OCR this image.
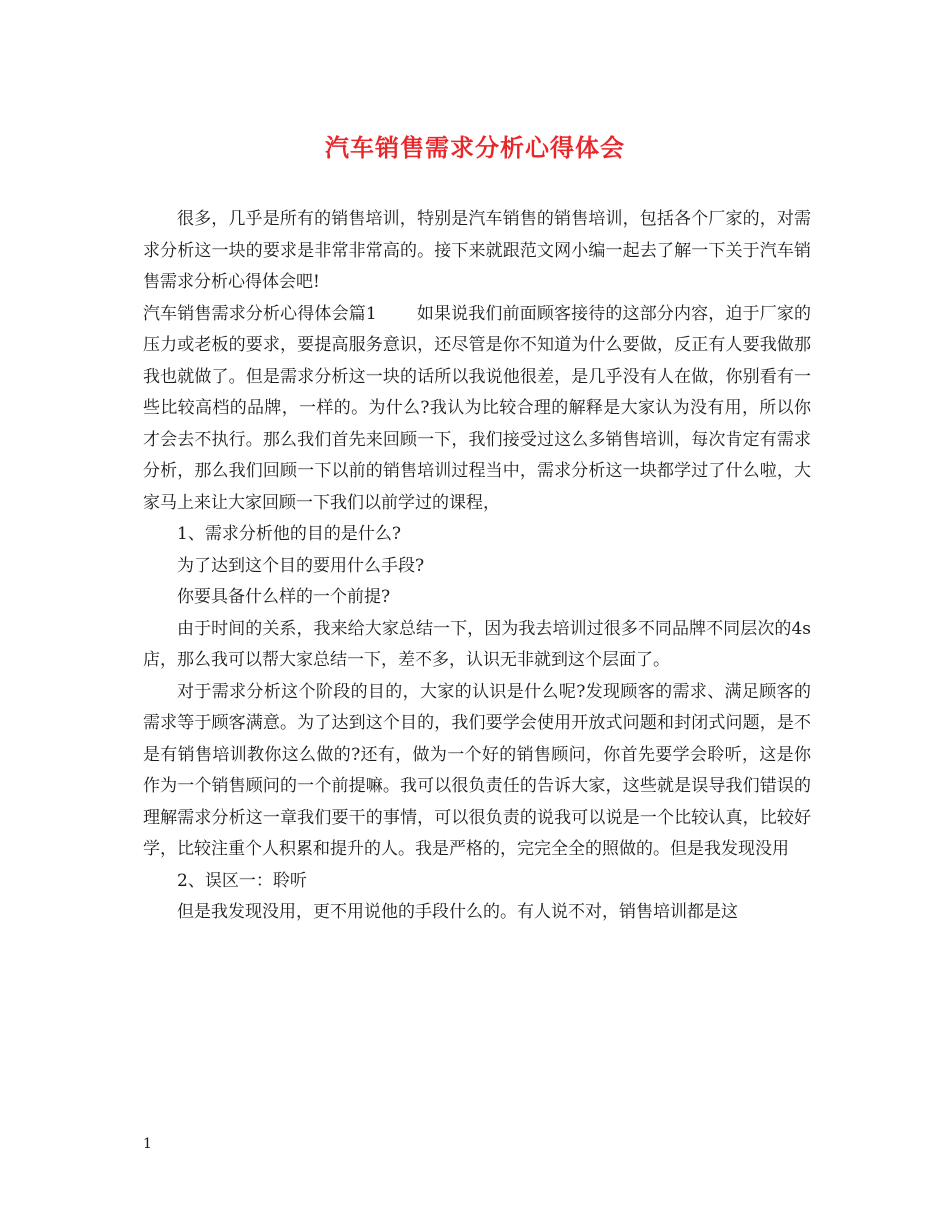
汽车销售需求分析心得体会

很多，几乎是所有的销售培训，特别是汽车销售的销售培训，包括各个厂家的，对需求分析这一块的要求是非常非常高的。接下来就跟范文网小编一起去了解一下关于汽车销售需求分析心得体会吧!

汽车销售需求分析心得体会篇1 如果说我们前面顾客接待的这部分内容，迫于厂家的压力或老板的要求，要提高服务意识，还尽管是你不知道为什么要做，反正有人要我做那我也就做了。但是需求分析这一块的话所以我说他很差，是几乎没有人在做，你别看有一些比较高档的品牌，一样的。为什么?我认为比较合理的解释是大家认为没有用，所以你才会去不执行。那么我们首先来回顾一下，我们接受过这么多销售培训，每次肯定有需求分析，那么我们回顾一下以前的销售培训过程当中，需求分析这一块都学过了什么啦，大家马上来让大家回顾一下我们以前学过的课程，

1、需求分析他的目的是什么?

为了达到这个目的要用什么手段?

你要具备什么样的一个前提?

由于时间的关系，我来给大家总结一下，因为我去培训过很多不同品牌不同层次的4s店，那么我可以帮大家总结一下，差不多，认识无非就到这个层面了。

对于需求分析这个阶段的目的，大家的认识是什么呢?发现顾客的需求、满足顾客的需求等于顾客满意。为了达到这个目的，我们要学会使用开放式问题和封闭式问题，是不是有销售培训教你这么做的?还有，做为一个好的销售顾问，你首先要学会聆听，这是你作为一个销售顾问的一个前提嘛。我可以很负责任的告诉大家，这些就是误导我们错误的理解需求分析这一章我们要干的事情，可以很负责的说我可以说是一个比较认真，比较好学，比较注重个人积累和提升的人。我是严格的，完完全全的照做的。但是我发现没用

2、误区一：聆听

但是我发现没用，更不用说他的手段什么的。有人说不对，销售培训都是这

1
